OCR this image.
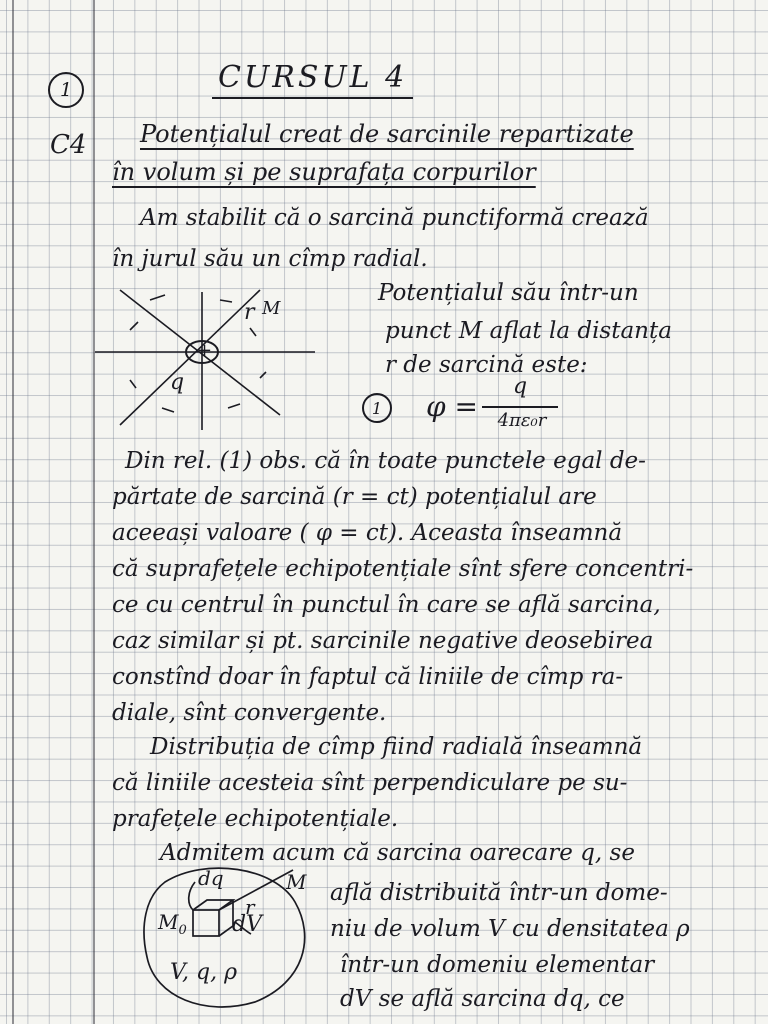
1
C4
CURSUL 4
Potențialul creat de sarcinile repartizate
în volum și pe suprafața corpurilor
Am stabilit că o sarcină punctiformă crează
în jurul său un cîmp radial.
+
q
r M
Potențialul său într-un
punct M aflat la distanța
r de sarcină este:
1	φ =
q
4πε₀r
Din rel. (1) obs. că în toate punctele egal de-
părtate de sarcină (r = ct) potențialul are
aceeași valoare ( φ = ct). Aceasta înseamnă
că suprafețele echipotențiale sînt sfere concentri-
ce cu centrul în punctul în care se află sarcina,
caz similar și pt. sarcinile negative deosebirea
constînd doar în faptul că liniile de cîmp ra-
diale, sînt convergente.
Distribuția de cîmp fiind radială înseamnă
că liniile acesteia sînt perpendiculare pe su-
prafețele echipotențiale.
Admitem acum că sarcina oarecare q, se
dq
r
M
$M_0$ dV
V, q, ρ
află distribuită într-un dome-
niu de volum V cu densitatea ρ
într-un domeniu elementar
dV se află sarcina dq, ce
